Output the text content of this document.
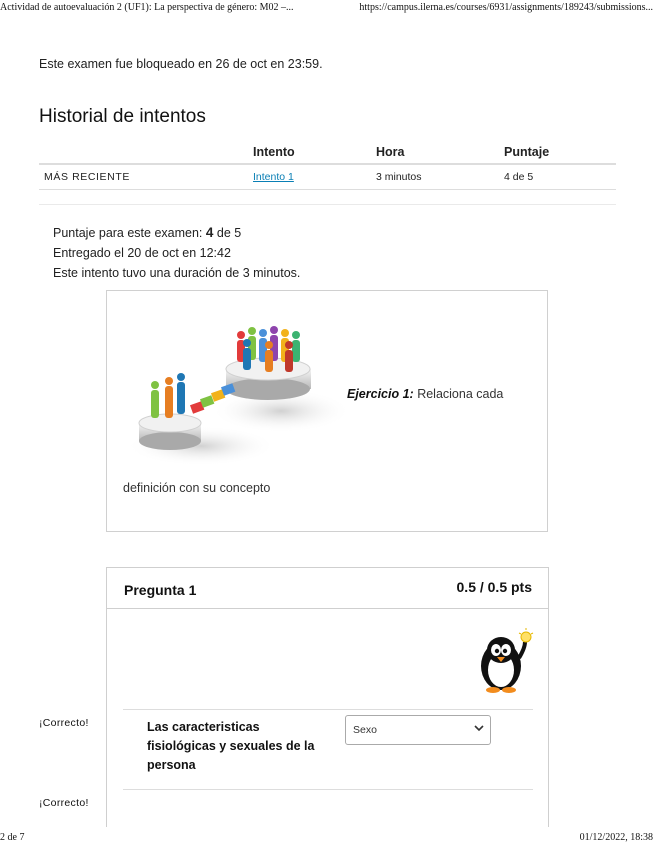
Actividad de autoevaluación 2 (UF1): La perspectiva de género: M02 –...	https://campus.ilerna.es/courses/6931/assignments/189243/submissions...
Este examen fue bloqueado en 26 de oct en 23:59.
Historial de intentos
	Intento	Hora	Puntaje
MÁS RECIENTE	Intento 1	3 minutos	4 de 5
Puntaje para este examen: 4 de 5
Entregado el 20 de oct en 12:42
Este intento tuvo una duración de 3 minutos.
Ejercicio 1: Relaciona cada
definición con su concepto
Pregunta 1	0.5 / 0.5 pts
Las caracteristicas fisiológicas y sexuales de la persona
Sexo
¡Correcto!
¡Correcto!
2 de 7	01/12/2022, 18:38
